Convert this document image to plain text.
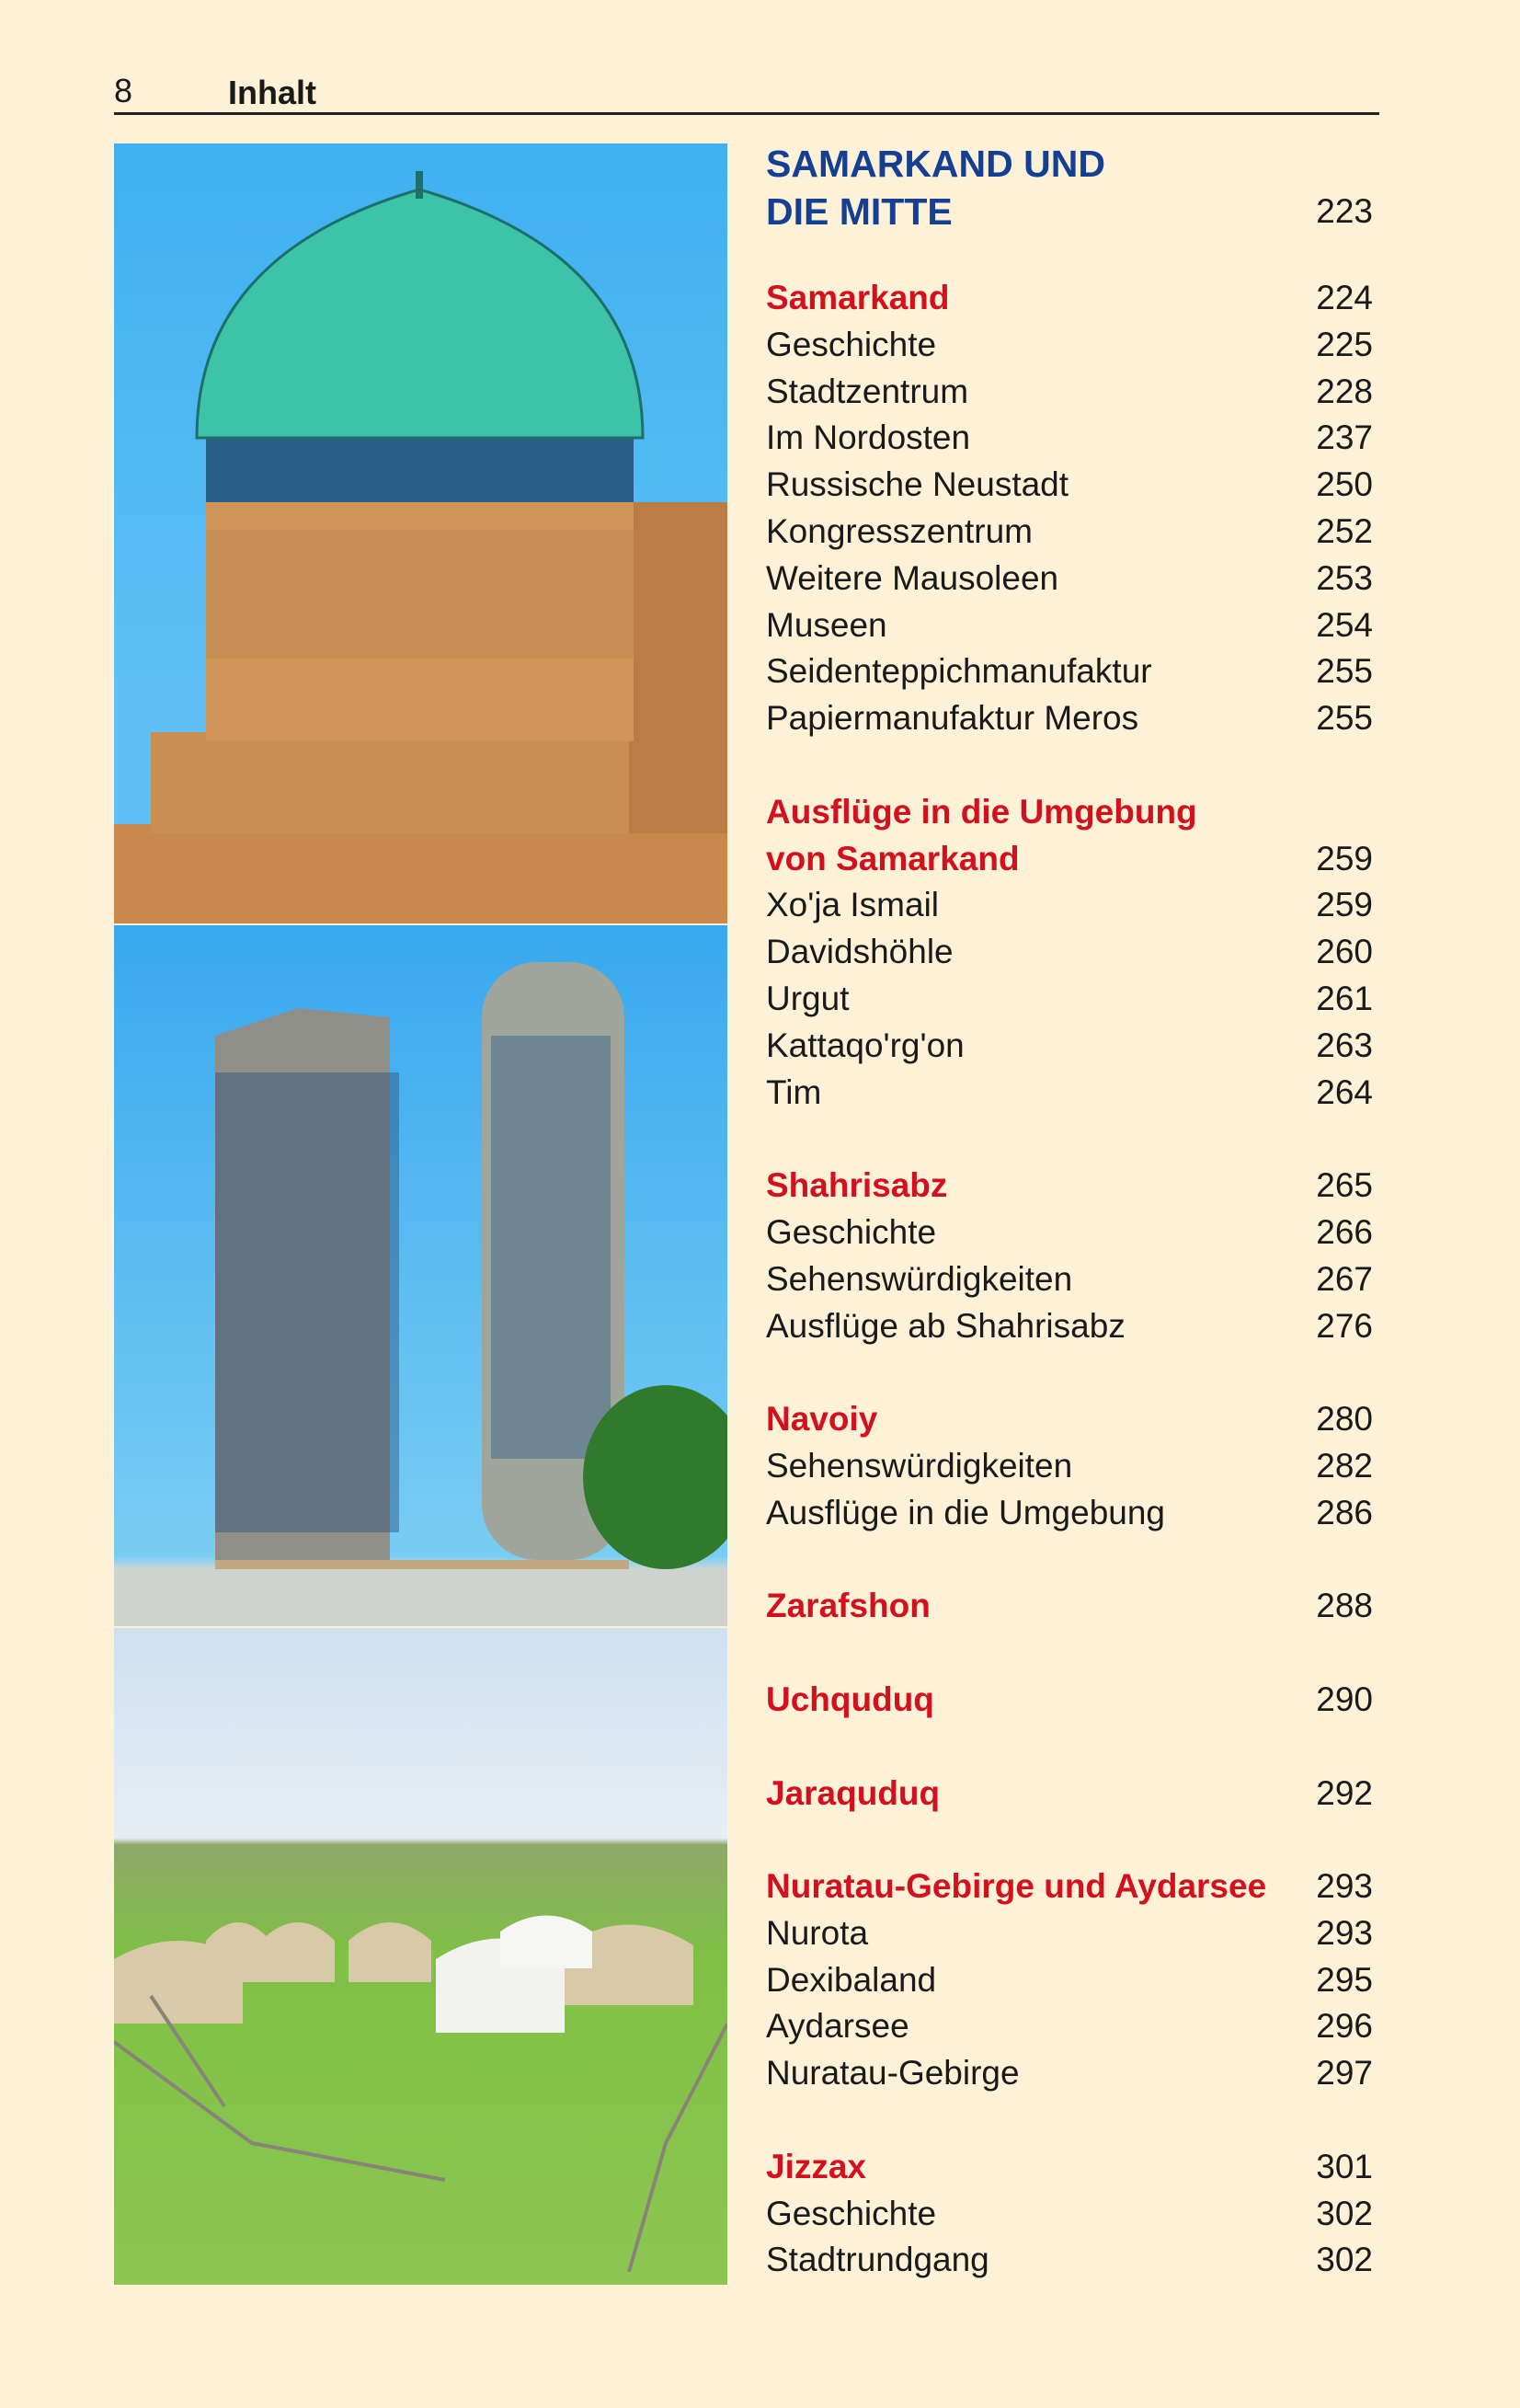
8	Inhalt
SAMARKAND UND
DIE MITTE	223
Samarkand	224
Geschichte	225
Stadtzentrum	228
Im Nordosten	237
Russische Neustadt	250
Kongresszentrum	252
Weitere Mausoleen	253
Museen	254
Seidenteppichmanufaktur	255
Papiermanufaktur Meros	255
Ausflüge in die Umgebung
von Samarkand	259
Xo'ja Ismail	259
Davidshöhle	260
Urgut	261
Kattaqo'rg'on	263
Tim	264
Shahrisabz	265
Geschichte	266
Sehenswürdigkeiten	267
Ausflüge ab Shahrisabz	276
Navoiy	280
Sehenswürdigkeiten	282
Ausflüge in die Umgebung	286
Zarafshon	288
Uchquduq	290
Jaraquduq	292
Nuratau-Gebirge und Aydarsee 293
Nurota	293
Dexibaland	295
Aydarsee	296
Nuratau-Gebirge	297
Jizzax	301
Geschichte	302
Stadtrundgang	302
